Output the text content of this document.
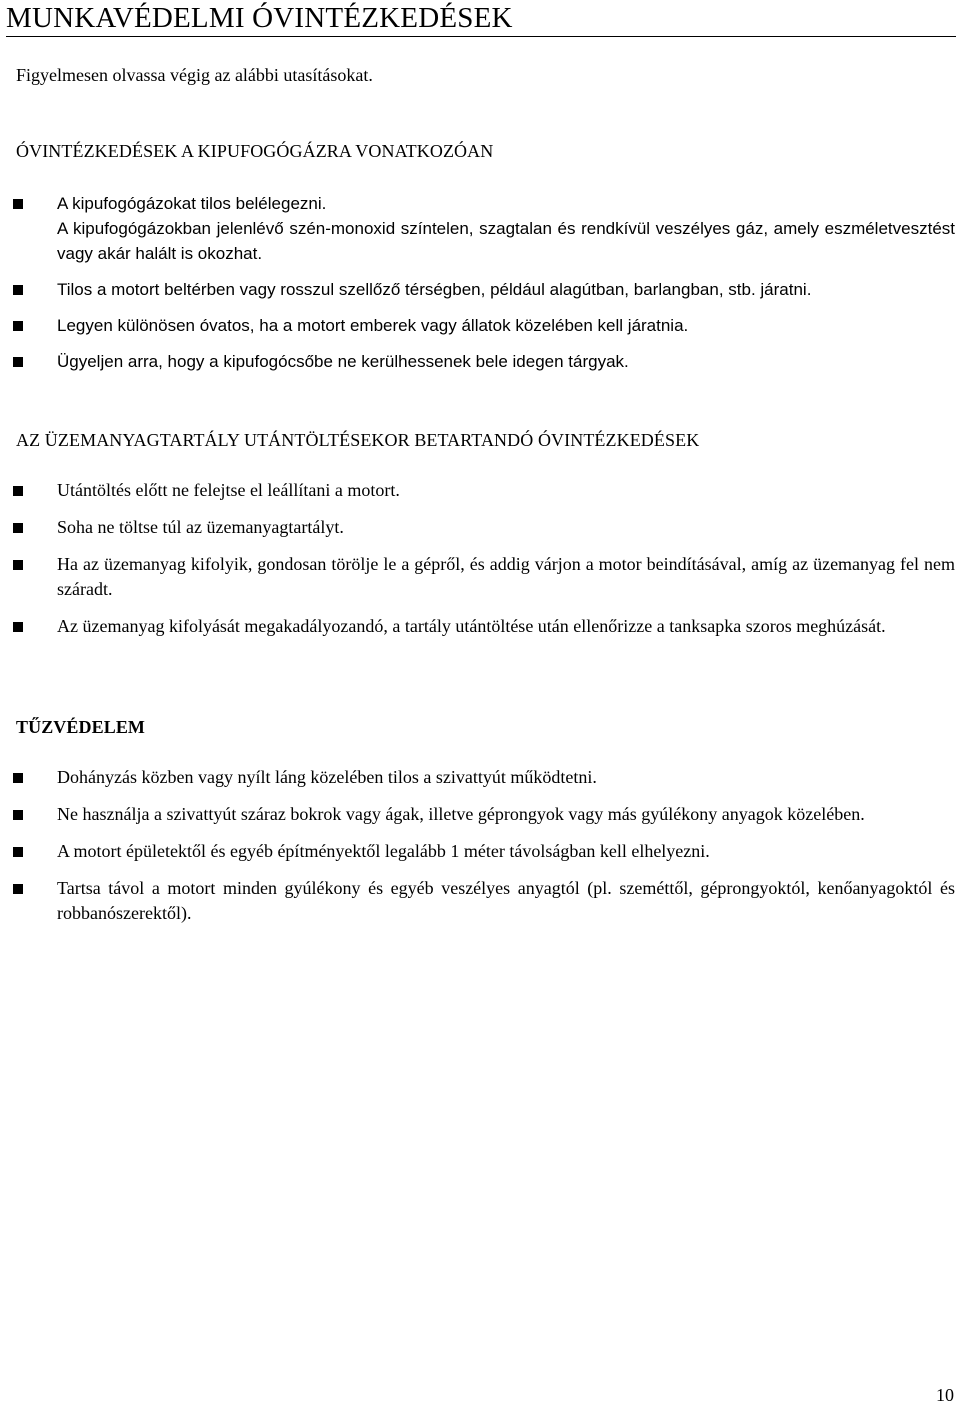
MUNKAVÉDELMI ÓVINTÉZKEDÉSEK

Figyelmesen olvassa végig az alábbi utasításokat.

ÓVINTÉZKEDÉSEK A KIPUFOGÓGÁZRA VONATKOZÓAN
A kipufogógázokat tilos belélegezni.
A kipufogógázokban jelenlévő szén-monoxid színtelen, szagtalan és rendkívül veszélyes gáz, amely eszméletvesztést vagy akár halált is okozhat.
Tilos a motort beltérben vagy rosszul szellőző térségben, például alagútban, barlangban, stb. járatni.
Legyen különösen óvatos, ha a motort emberek vagy állatok közelében kell járatnia.
Ügyeljen arra, hogy a kipufogócsőbe ne kerülhessenek bele idegen tárgyak.
AZ ÜZEMANYAGTARTÁLY UTÁNTÖLTÉSEKOR BETARTANDÓ ÓVINTÉZKEDÉSEK
Utántöltés előtt ne felejtse el leállítani a motort.
Soha ne töltse túl az üzemanyagtartályt.
Ha az üzemanyag kifolyik, gondosan törölje le a gépről, és addig várjon a motor beindításával, amíg az üzemanyag fel nem száradt.
Az üzemanyag kifolyását megakadályozandó, a tartály utántöltése után ellenőrizze a tanksapka szoros meghúzását.
TŰZVÉDELEM
Dohányzás közben vagy nyílt láng közelében tilos a szivattyút működtetni.
Ne használja a szivattyút száraz bokrok vagy ágak, illetve géprongyok vagy más gyúlékony anyagok közelében.
A motort épületektől és egyéb építményektől legalább 1 méter távolságban kell elhelyezni.
Tartsa távol a motort minden gyúlékony és egyéb veszélyes anyagtól (pl. szeméttől, géprongyoktól, kenőanyagoktól és robbanószerektől).
10
